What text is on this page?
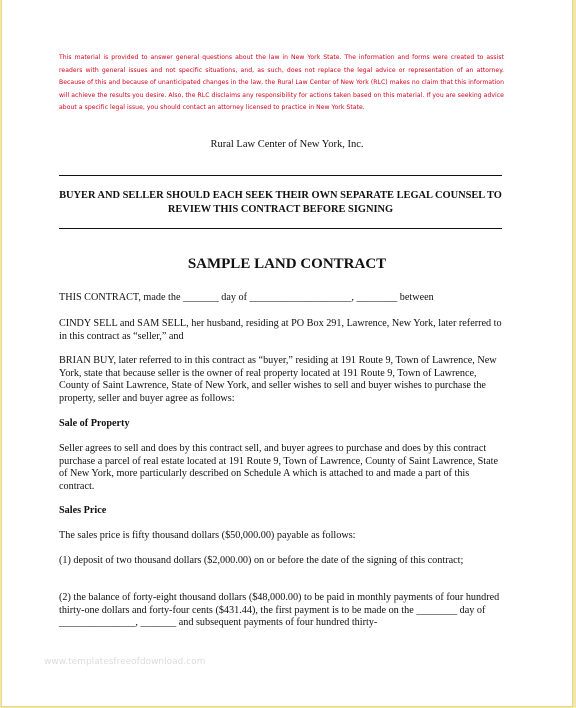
This material is provided to answer general questions about the law in New York State. The information and forms were created to assist readers with general issues and not specific situations, and, as such, does not replace the legal advice or representation of an attorney. Because of this and because of unanticipated changes in the law, the Rural Law Center of New York (RLC) makes no claim that this information will achieve the results you desire. Also, the RLC disclaims any responsibility for actions taken based on this material. If you are seeking advice about a specific legal issue, you should contact an attorney licensed to practice in New York State.
Rural Law Center of New York, Inc.
BUYER AND SELLER SHOULD EACH SEEK THEIR OWN SEPARATE LEGAL COUNSEL TO REVIEW THIS CONTRACT BEFORE SIGNING
SAMPLE LAND CONTRACT
THIS CONTRACT, made the _______ day of ____________________, ________ between
CINDY SELL and SAM SELL, her husband, residing at PO Box 291, Lawrence, New York, later referred to in this contract as “seller,” and
BRIAN BUY, later referred to in this contract as “buyer,” residing at 191 Route 9, Town of Lawrence, New York, state that because seller is the owner of real property located at 191 Route 9, Town of Lawrence, County of Saint Lawrence, State of New York, and seller wishes to sell and buyer wishes to purchase the property, seller and buyer agree as follows:
Sale of Property
Seller agrees to sell and does by this contract sell, and buyer agrees to purchase and does by this contract purchase a parcel of real estate located at 191 Route 9, Town of Lawrence, County of Saint Lawrence, State of New York, more particularly described on Schedule A which is attached to and made a part of this contract.
Sales Price
The sales price is fifty thousand dollars ($50,000.00) payable as follows:
(1) deposit of two thousand dollars ($2,000.00) on or before the date of the signing of this contract;
(2) the balance of forty-eight thousand dollars ($48,000.00) to be paid in monthly payments of four hundred thirty-one dollars and forty-four cents ($431.44), the first payment is to be made on the ________ day of _______________, _______ and subsequent payments of four hundred thirty-
www.templatesfreeofdownload.com
